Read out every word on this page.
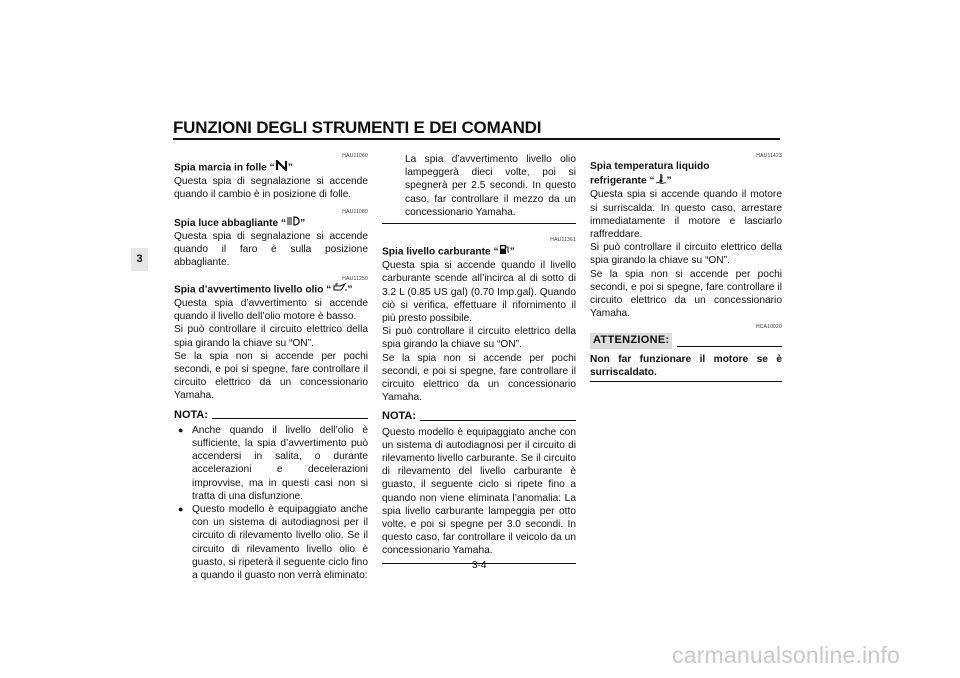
FUNZIONI DEGLI STRUMENTI E DEI COMANDI
3

HAU11060

Spia marcia in folle “ ”

Questa spia di segnalazione si accende quando il cambio è in posizione di folle.

HAU11080

Spia luce abbagliante “ ”

Questa spia di segnalazione si accende quando il faro è sulla posizione abbagliante.

HAU11250

Spia d’avvertimento livello olio “ ”

Questa spia d’avvertimento si accende quando il livello dell’olio motore è basso.

Si può controllare il circuito elettrico della spia girando la chiave su “ON”.

Se la spia non si accende per pochi secondi, e poi si spegne, fare controllare il circuito elettrico da un concessionario Yamaha.

NOTA:
● Anche quando il livello dell’olio è sufficiente, la spia d’avvertimento può accendersi in salita, o durante accelerazioni e decelerazioni improvvise, ma in questi casi non si tratta di una disfunzione.
● Questo modello è equipaggiato anche con un sistema di autodiagnosi per il circuito di rilevamento livello olio. Se il circuito di rilevamento livello olio è guasto, si ripeterà il seguente ciclo fino a quando il guasto non verrà eliminato:

La spia d’avvertimento livello olio lampeggerà dieci volte, poi si spegnerà per 2.5 secondi. In questo caso, far controllare il mezzo da un concessionario Yamaha.

HAU11361

Spia livello carburante “ ”

Questa spia si accende quando il livello carburante scende all’incirca al di sotto di 3.2 L (0.85 US gal) (0.70 Imp.gal). Quando ciò si verifica, effettuare il rifornimento il più presto possibile.

Si può controllare il circuito elettrico della spia girando la chiave su “ON”.

Se la spia non si accende per pochi secondi, e poi si spegne, fare controllare il circuito elettrico da un concessionario Yamaha.

NOTA:

Questo modello è equipaggiato anche con un sistema di autodiagnosi per il circuito di rilevamento livello carburante. Se il circuito di rilevamento del livello carburante è guasto, il seguente ciclo si ripete fino a quando non viene eliminata l’anomalia: La spia livello carburante lampeggia per otto volte, e poi si spegne per 3.0 secondi. In questo caso, far controllare il veicolo da un concessionario Yamaha.

HAU11423

Spia temperatura liquido

refrigerante “ ”

Questa spia si accende quando il motore si surriscalda. In questo caso, arrestare immediatamente il motore e lasciarlo raffreddare.

Si può controllare il circuito elettrico della spia girando la chiave su “ON”.

Se la spia non si accende per pochi secondi, e poi si spegne, fare controllare il circuito elettrico da un concessionario Yamaha.

HCA10020

ATTENZIONE:

Non far funzionare il motore se è surriscaldato.

3-4
carmanualsonline.info
